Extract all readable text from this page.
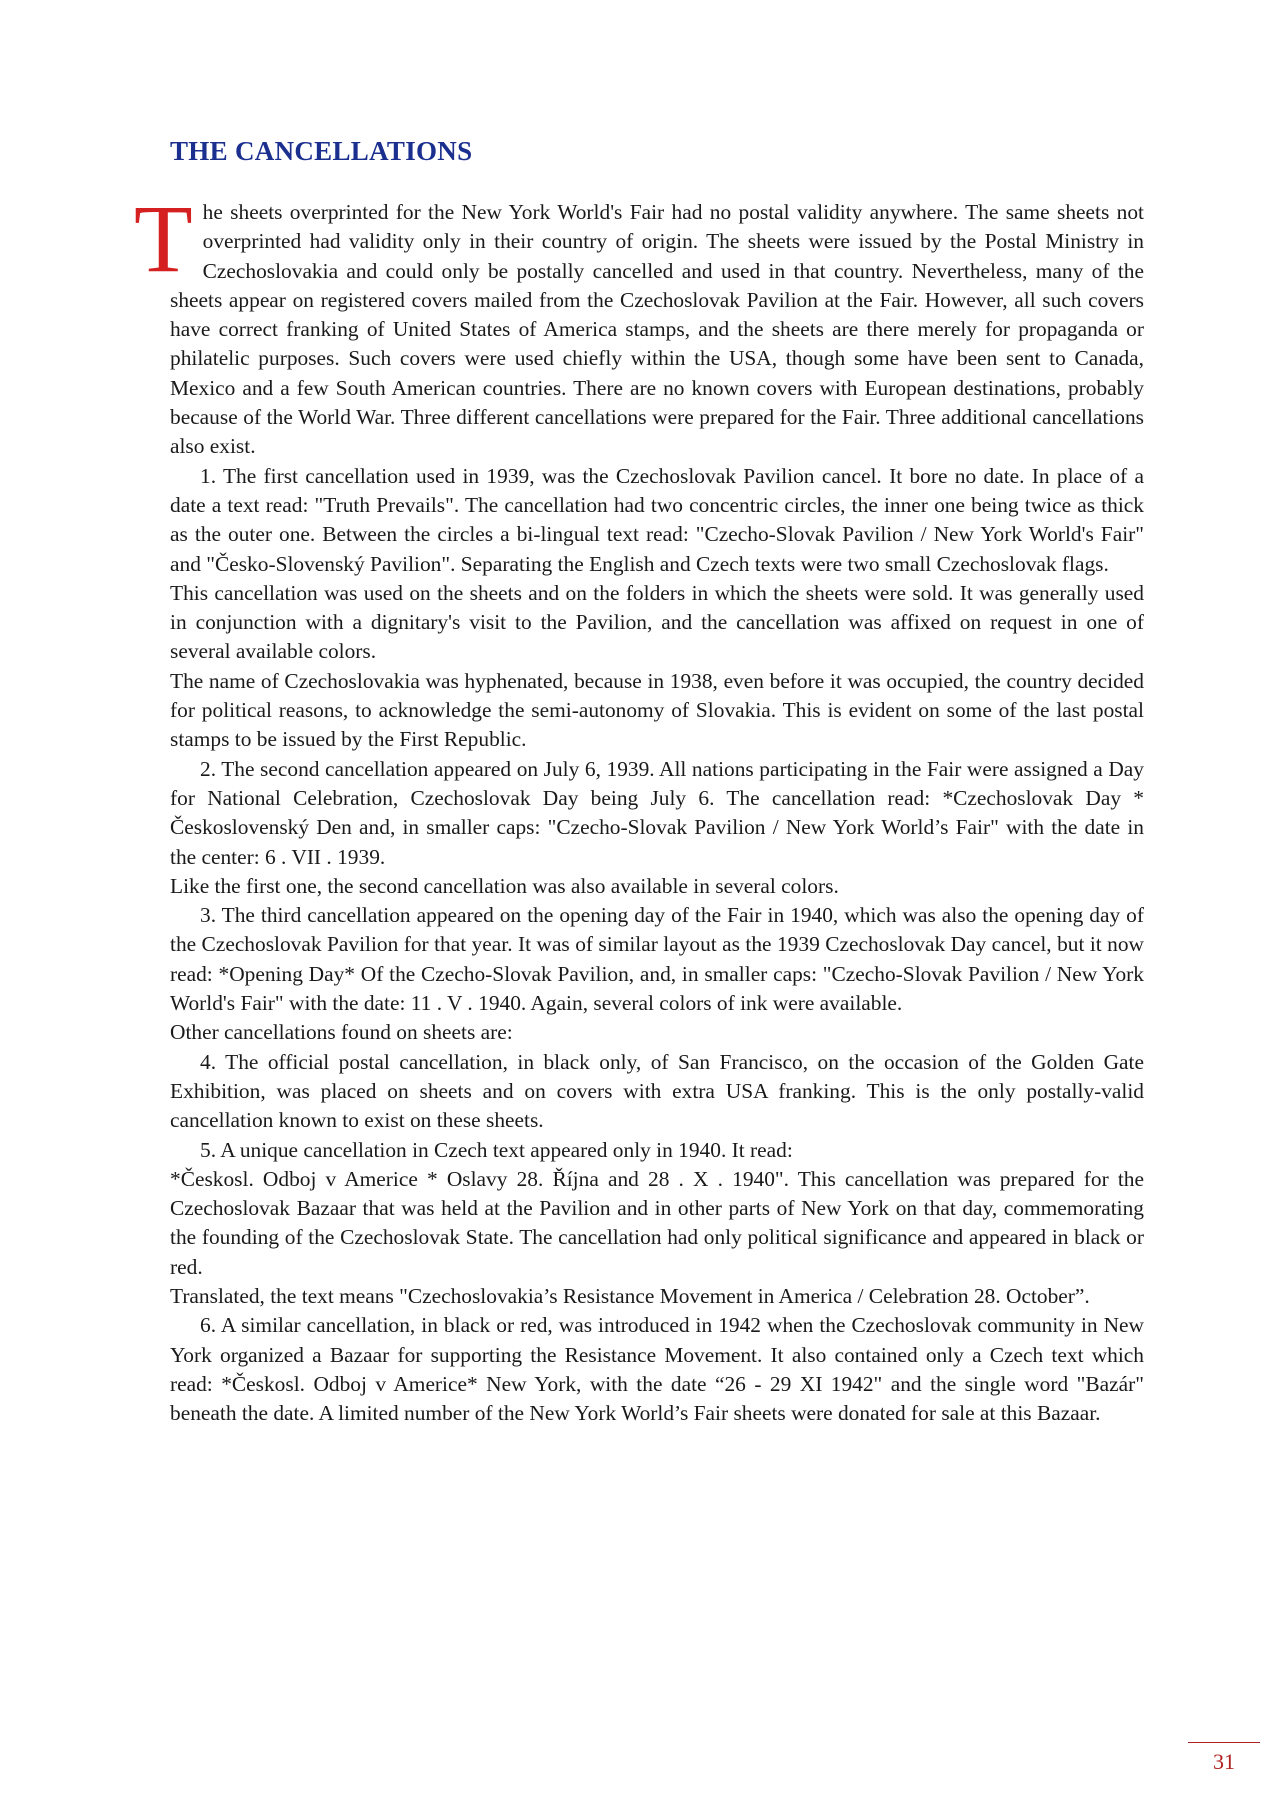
THE CANCELLATIONS

The sheets overprinted for the New York World's Fair had no postal validity anywhere. The same sheets not overprinted had validity only in their country of origin. The sheets were issued by the Postal Ministry in Czechoslovakia and could only be postally cancelled and used in that country. Nevertheless, many of the sheets appear on registered covers mailed from the Czechoslovak Pavilion at the Fair. However, all such covers have correct franking of United States of America stamps, and the sheets are there merely for propaganda or philatelic purposes. Such covers were used chiefly within the USA, though some have been sent to Canada, Mexico and a few South American countries. There are no known covers with European destinations, probably because of the World War. Three different cancellations were prepared for the Fair. Three additional cancellations also exist.

1. The first cancellation used in 1939, was the Czechoslovak Pavilion cancel. It bore no date. In place of a date a text read: "Truth Prevails". The cancellation had two concentric circles, the inner one being twice as thick as the outer one. Between the circles a bi-lingual text read: "Czecho-Slovak Pavilion / New York World's Fair" and "Česko-Slovenský Pavilion". Separating the English and Czech texts were two small Czechoslovak flags.

This cancellation was used on the sheets and on the folders in which the sheets were sold. It was generally used in conjunction with a dignitary's visit to the Pavilion, and the cancellation was affixed on request in one of several available colors.

The name of Czechoslovakia was hyphenated, because in 1938, even before it was occupied, the country decided for political reasons, to acknowledge the semi-autonomy of Slovakia. This is evident on some of the last postal stamps to be issued by the First Republic.

2. The second cancellation appeared on July 6, 1939. All nations participating in the Fair were assigned a Day for National Celebration, Czechoslovak Day being July 6. The cancellation read: *Czechoslovak Day * Československý Den and, in smaller caps: "Czecho-Slovak Pavilion / New York World’s Fair" with the date in the center: 6 . VII . 1939.

Like the first one, the second cancellation was also available in several colors.

3. The third cancellation appeared on the opening day of the Fair in 1940, which was also the opening day of the Czechoslovak Pavilion for that year. It was of similar layout as the 1939 Czechoslovak Day cancel, but it now read: *Opening Day* Of the Czecho-Slovak Pavilion, and, in smaller caps: "Czecho-Slovak Pavilion / New York World's Fair" with the date: 11 . V . 1940. Again, several colors of ink were available.

Other cancellations found on sheets are:

4. The official postal cancellation, in black only, of San Francisco, on the occasion of the Golden Gate Exhibition, was placed on sheets and on covers with extra USA franking. This is the only postally-valid cancellation known to exist on these sheets.

5. A unique cancellation in Czech text appeared only in 1940. It read:

*Českosl. Odboj v Americe * Oslavy 28. Října and 28 . X . 1940". This cancellation was prepared for the Czechoslovak Bazaar that was held at the Pavilion and in other parts of New York on that day, commemorating the founding of the Czechoslovak State. The cancellation had only political significance and appeared in black or red.

Translated, the text means "Czechoslovakia’s Resistance Movement in America / Celebration 28. October”.

6. A similar cancellation, in black or red, was introduced in 1942 when the Czechoslovak community in New York organized a Bazaar for supporting the Resistance Movement. It also contained only a Czech text which read: *Českosl. Odboj v Americe* New York, with the date “26 - 29 XI 1942" and the single word "Bazár" beneath the date. A limited number of the New York World’s Fair sheets were donated for sale at this Bazaar.

31
